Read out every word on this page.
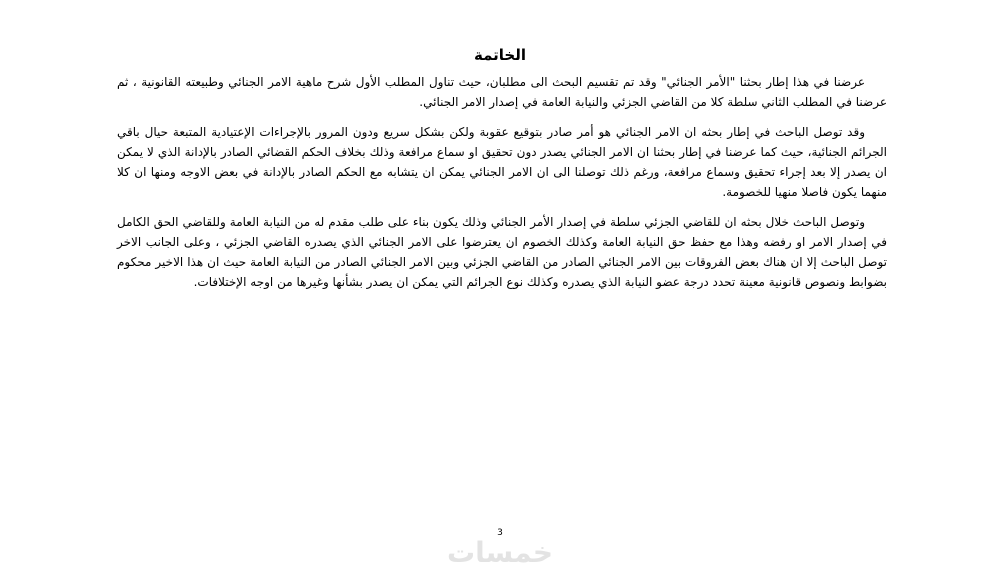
الخاتمة

عرضنا في هذا إطار بحثنا "الأمر الجنائي" وقد تم تقسيم البحث الى مطلبان، حيث تناول المطلب الأول شرح ماهية الامر الجنائي وطبيعته القانونية ، ثم عرضنا في المطلب الثاني سلطة كلا من القاضي الجزئي والنيابة العامة في إصدار الامر الجنائي.

وقد توصل الباحث في إطار بحثه ان الامر الجنائي هو أمر صادر بتوقيع عقوبة ولكن بشكل سريع ودون المرور بالإجراءات الإعتيادية المتبعة حيال باقي الجرائم الجنائية، حيث كما عرضنا في إطار بحثنا ان الامر الجنائي يصدر دون تحقيق او سماع مرافعة وذلك بخلاف الحكم القضائي الصادر بالإدانة الذي لا يمكن ان يصدر إلا بعد إجراء تحقيق وسماع مرافعة، ورغم ذلك توصلنا الى ان الامر الجنائي يمكن ان يتشابه مع الحكم الصادر بالإدانة في بعض الاوجه ومنها ان كلا منهما يكون فاصلا منهيا للخصومة.

وتوصل الباحث خلال بحثه ان للقاضي الجزئي سلطة في إصدار الأمر الجنائي وذلك يكون بناء على طلب مقدم له من النيابة العامة وللقاضي الحق الكامل في إصدار الامر او رفضه وهذا مع حفظ حق النيابة العامة وكذلك الخصوم ان يعترضوا على الامر الجنائي الذي يصدره القاضي الجزئي ، وعلى الجانب الاخر توصل الباحث إلا ان هناك بعض الفروقات بين الامر الجنائي الصادر من القاضي الجزئي وبين الامر الجنائي الصادر من النيابة العامة حيث ان هذا الاخير محكوم بضوابط ونصوص قانونية معينة تحدد درجة عضو النيابة الذي يصدره وكذلك نوع الجرائم التي يمكن ان يصدر بشأنها وغيرها من اوجه الإختلافات.

3
خمسات
